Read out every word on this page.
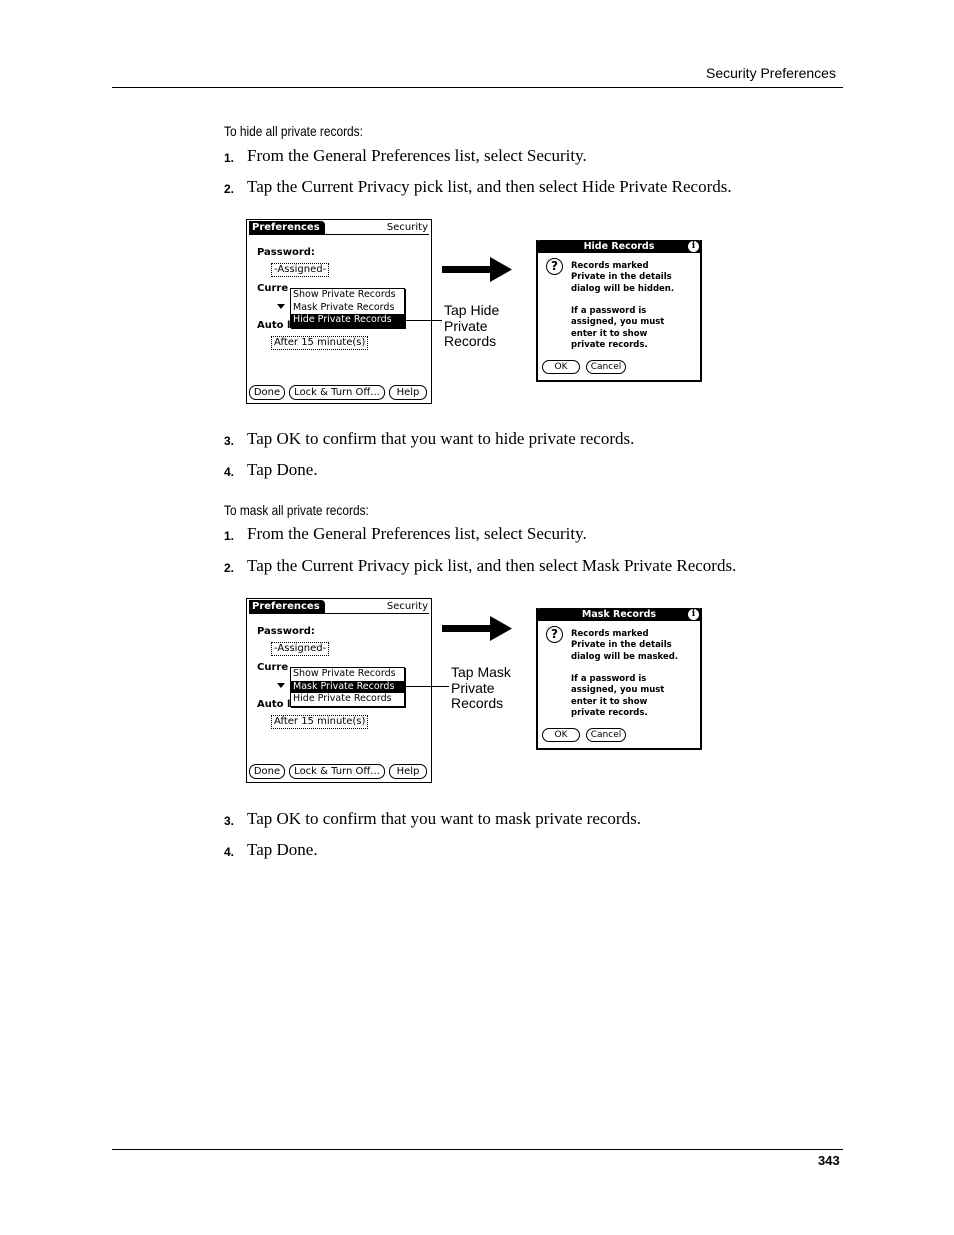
Security Preferences
To hide all private records:
1. From the General Preferences list, select Security.
2. Tap the Current Privacy pick list, and then select Hide Private Records.
Preferences	Security
Password:
-Assigned-
Curre
Auto l
Show Private Records
Mask Private Records
Hide Private Records
After 15 minute(s)
Done	Lock & Turn Off...	Help
Tap Hide
Private
Records
Hide Records	i
?	Records marked
Private in the details
dialog will be hidden.
If a password is
assigned, you must
enter it to show
private records.
OK	Cancel
3. Tap OK to confirm that you want to hide private records.
4. Tap Done.
To mask all private records:
1. From the General Preferences list, select Security.
2. Tap the Current Privacy pick list, and then select Mask Private Records.
Preferences	Security
Password:
-Assigned-
Curre
Auto l
Show Private Records
Mask Private Records
Hide Private Records
After 15 minute(s)
Done	Lock & Turn Off...	Help
Tap Mask
Private
Records
Mask Records	i
?	Records marked
Private in the details
dialog will be masked.
If a password is
assigned, you must
enter it to show
private records.
OK	Cancel
3. Tap OK to confirm that you want to mask private records.
4. Tap Done.
343
